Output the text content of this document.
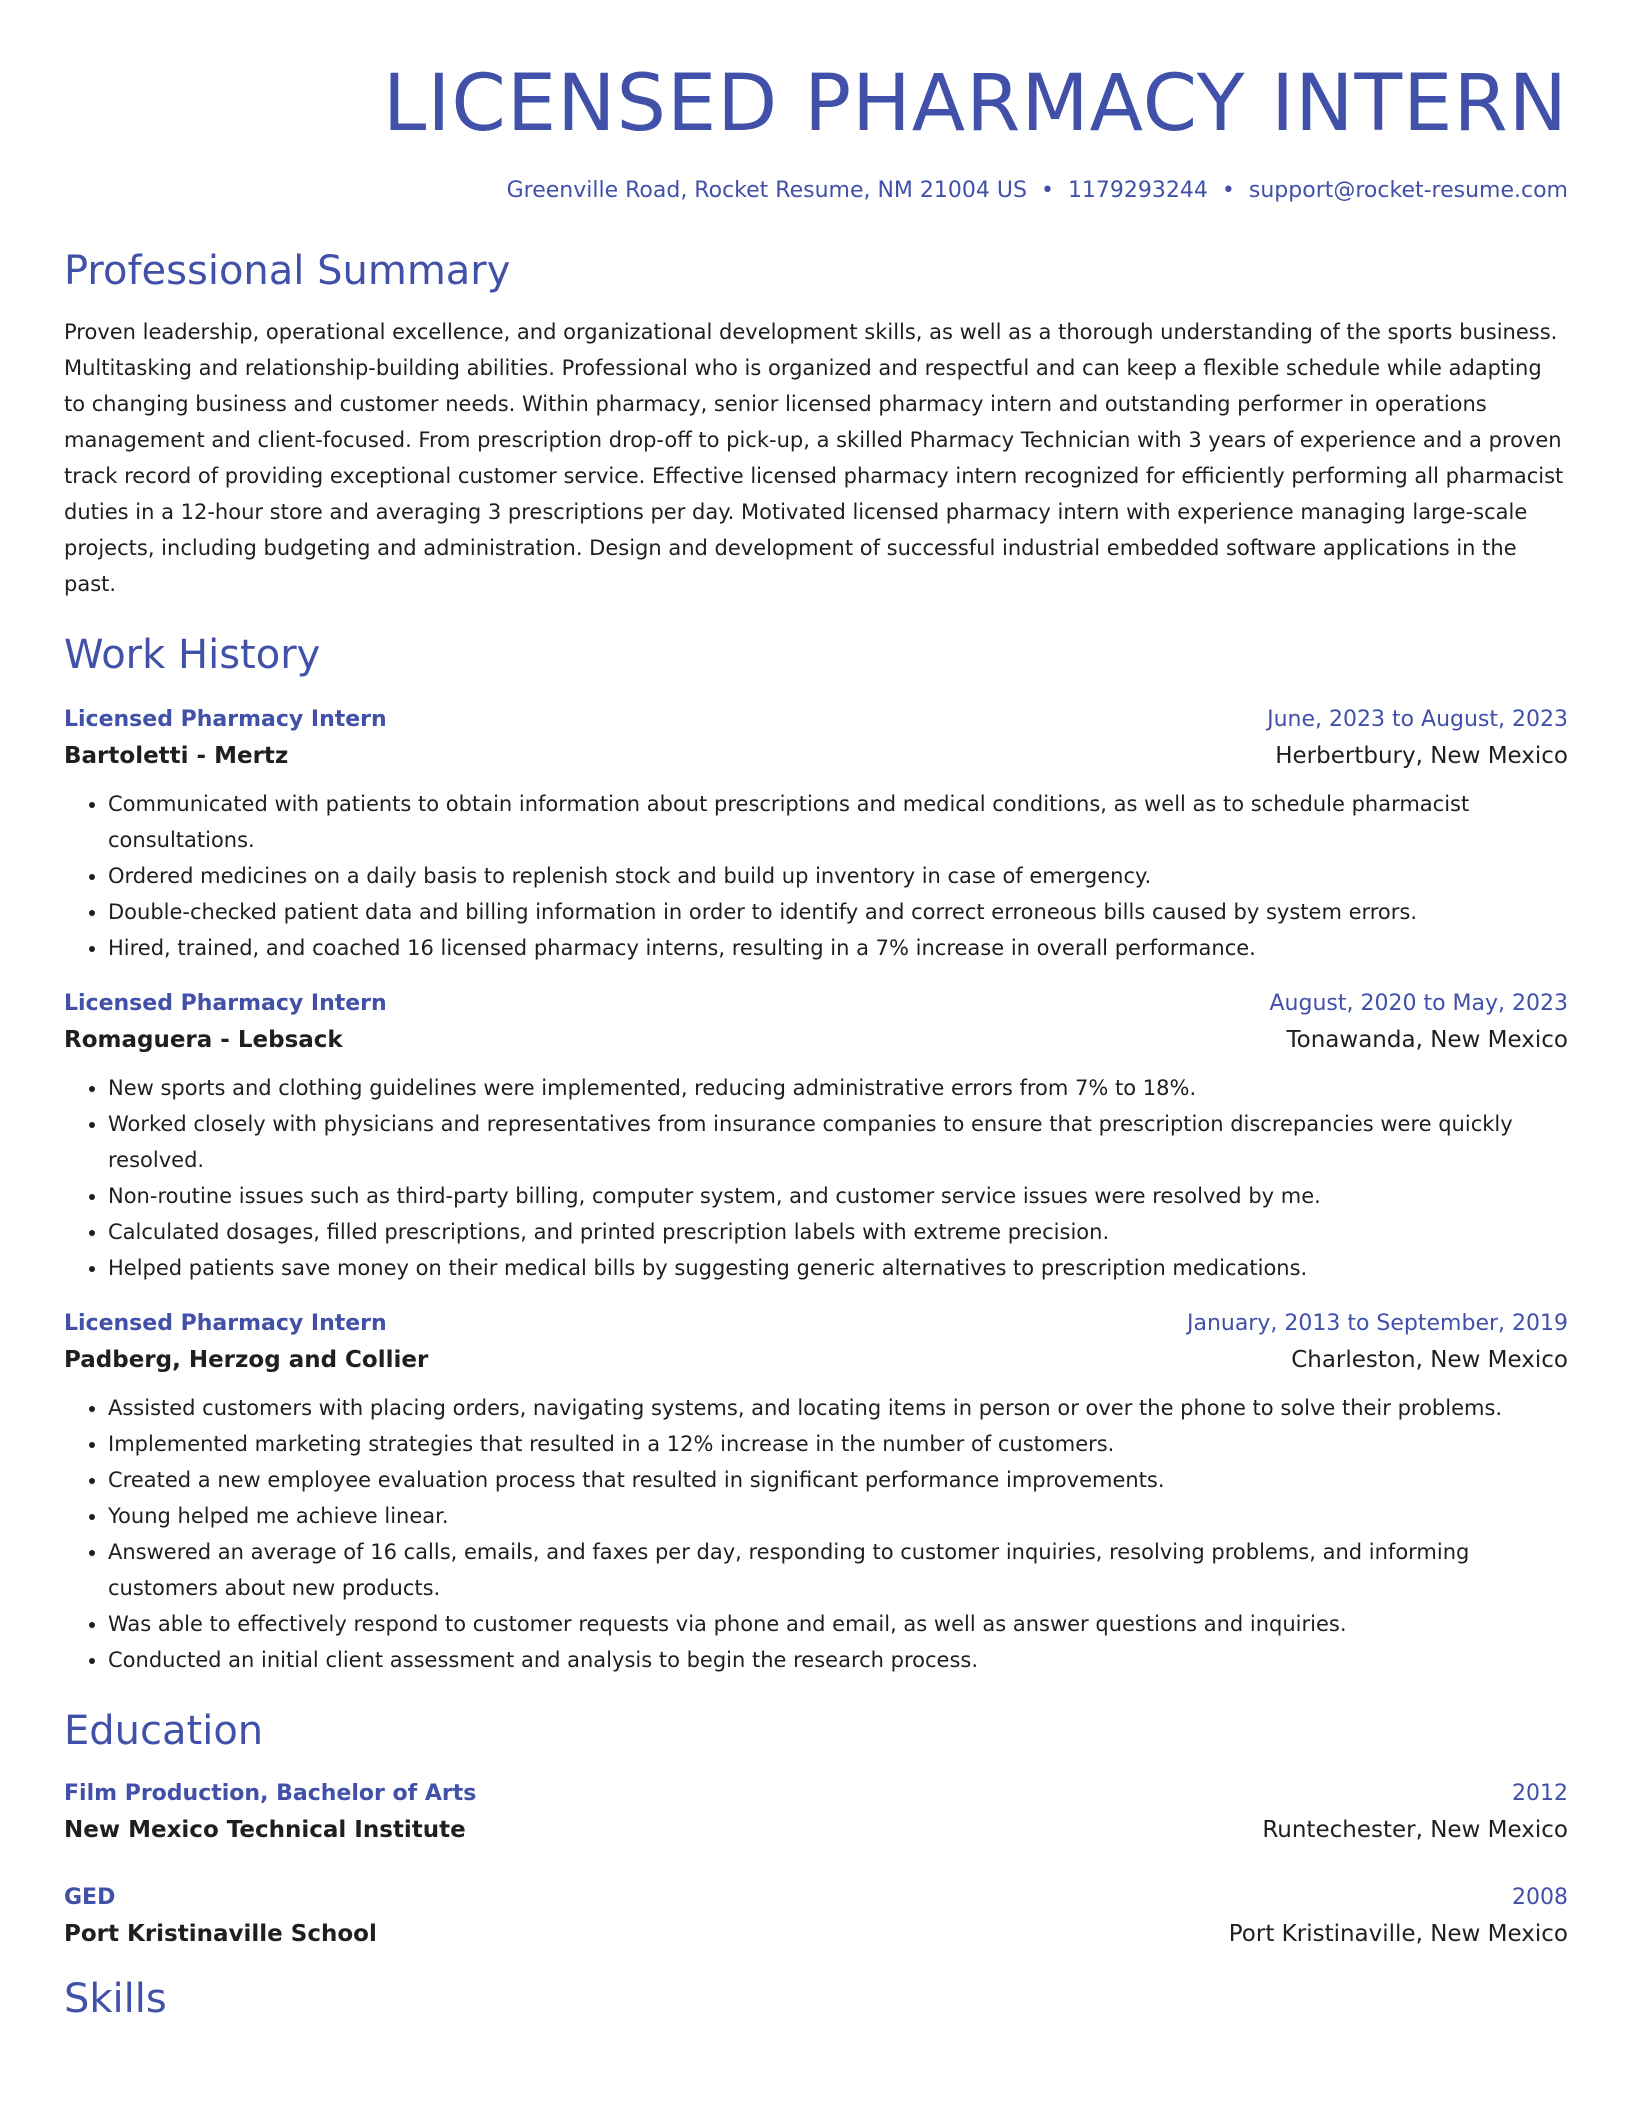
LICENSED PHARMACY INTERN
Greenville Road, Rocket Resume, NM 21004 US • 1179293244 • support@rocket-resume.com
Professional Summary

Proven leadership, operational excellence, and organizational development skills, as well as a thorough understanding of the sports business. Multitasking and relationship-building abilities. Professional who is organized and respectful and can keep a flexible schedule while adapting to changing business and customer needs. Within pharmacy, senior licensed pharmacy intern and outstanding performer in operations management and client-focused. From prescription drop-off to pick-up, a skilled Pharmacy Technician with 3 years of experience and a proven track record of providing exceptional customer service. Effective licensed pharmacy intern recognized for efficiently performing all pharmacist duties in a 12-hour store and averaging 3 prescriptions per day. Motivated licensed pharmacy intern with experience managing large-scale projects, including budgeting and administration. Design and development of successful industrial embedded software applications in the past.

Work History
Licensed Pharmacy Intern	June, 2023 to August, 2023
Bartoletti - Mertz	Herbertbury, New Mexico
• Communicated with patients to obtain information about prescriptions and medical conditions, as well as to schedule pharmacist consultations.
• Ordered medicines on a daily basis to replenish stock and build up inventory in case of emergency.
• Double-checked patient data and billing information in order to identify and correct erroneous bills caused by system errors.
• Hired, trained, and coached 16 licensed pharmacy interns, resulting in a 7% increase in overall performance.
Licensed Pharmacy Intern	August, 2020 to May, 2023
Romaguera - Lebsack	Tonawanda, New Mexico
• New sports and clothing guidelines were implemented, reducing administrative errors from 7% to 18%.
• Worked closely with physicians and representatives from insurance companies to ensure that prescription discrepancies were quickly resolved.
• Non-routine issues such as third-party billing, computer system, and customer service issues were resolved by me.
• Calculated dosages, filled prescriptions, and printed prescription labels with extreme precision.
• Helped patients save money on their medical bills by suggesting generic alternatives to prescription medications.
Licensed Pharmacy Intern	January, 2013 to September, 2019
Padberg, Herzog and Collier	Charleston, New Mexico
• Assisted customers with placing orders, navigating systems, and locating items in person or over the phone to solve their problems.
• Implemented marketing strategies that resulted in a 12% increase in the number of customers.
• Created a new employee evaluation process that resulted in significant performance improvements.
• Young helped me achieve linear.
• Answered an average of 16 calls, emails, and faxes per day, responding to customer inquiries, resolving problems, and informing customers about new products.
• Was able to effectively respond to customer requests via phone and email, as well as answer questions and inquiries.
• Conducted an initial client assessment and analysis to begin the research process.
Education
Film Production, Bachelor of Arts	2012
New Mexico Technical Institute	Runtechester, New Mexico
GED	2008
Port Kristinaville School	Port Kristinaville, New Mexico
Skills
